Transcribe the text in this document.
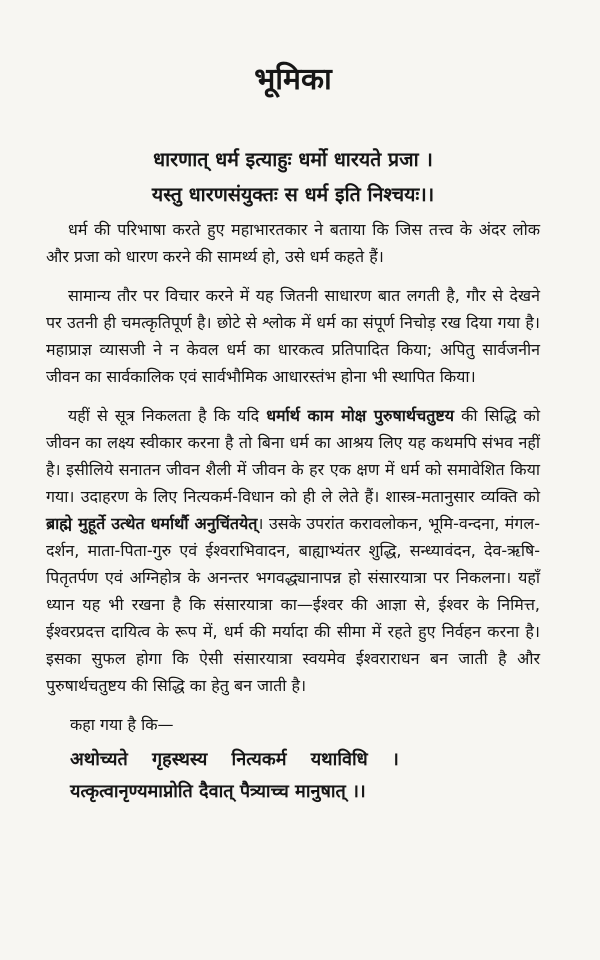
भूमिका
धारणात् धर्म इत्याहुः धर्मो धारयते प्रजा ।
यस्तु धारणसंयुक्तः स धर्म इति निश्चयः।।

धर्म की परिभाषा करते हुए महाभारतकार ने बताया कि जिस तत्त्व के अंदर लोक और प्रजा को धारण करने की सामर्थ्य हो, उसे धर्म कहते हैं।

सामान्य तौर पर विचार करने में यह जितनी साधारण बात लगती है, गौर से देखने पर उतनी ही चमत्कृतिपूर्ण है। छोटे से श्लोक में धर्म का संपूर्ण निचोड़ रख दिया गया है। महाप्राज्ञ व्यासजी ने न केवल धर्म का धारकत्व प्रतिपादित किया; अपितु सार्वजनीन जीवन का सार्वकालिक एवं सार्वभौमिक आधारस्तंभ होना भी स्थापित किया।

यहीं से सूत्र निकलता है कि यदि धर्मार्थ काम मोक्ष पुरुषार्थचतुष्टय की सिद्धि को जीवन का लक्ष्य स्वीकार करना है तो बिना धर्म का आश्रय लिए यह कथमपि संभव नहीं है। इसीलिये सनातन जीवन शैली में जीवन के हर एक क्षण में धर्म को समावेशित किया गया। उदाहरण के लिए नित्यकर्म-विधान को ही ले लेते हैं। शास्त्र-मतानुसार व्यक्ति को ब्राह्मे मुहूर्ते उत्थेत धर्मार्थौ अनुचिंतयेत्। उसके उपरांत करावलोकन, भूमि-वन्दना, मंगल-दर्शन, माता-पिता-गुरु एवं ईश्वराभिवादन, बाह्याभ्यंतर शुद्धि, सन्ध्यावंदन, देव-ऋषि-पितृतर्पण एवं अग्निहोत्र के अनन्तर भगवद्ध्यानापन्न हो संसारयात्रा पर निकलना। यहाँ ध्यान यह भी रखना है कि संसारयात्रा का—ईश्वर की आज्ञा से, ईश्वर के निमित्त, ईश्वरप्रदत्त दायित्व के रूप में, धर्म की मर्यादा की सीमा में रहते हुए निर्वहन करना है। इसका सुफल होगा कि ऐसी संसारयात्रा स्वयमेव ईश्वराराधन बन जाती है और पुरुषार्थचतुष्टय की सिद्धि का हेतु बन जाती है।

कहा गया है कि—

अथोच्यते गृहस्थस्य नित्यकर्म यथाविधि ।
यत्कृत्वानृण्यमाप्नोति दैवात् पैत्र्याच्च मानुषात् ।।
